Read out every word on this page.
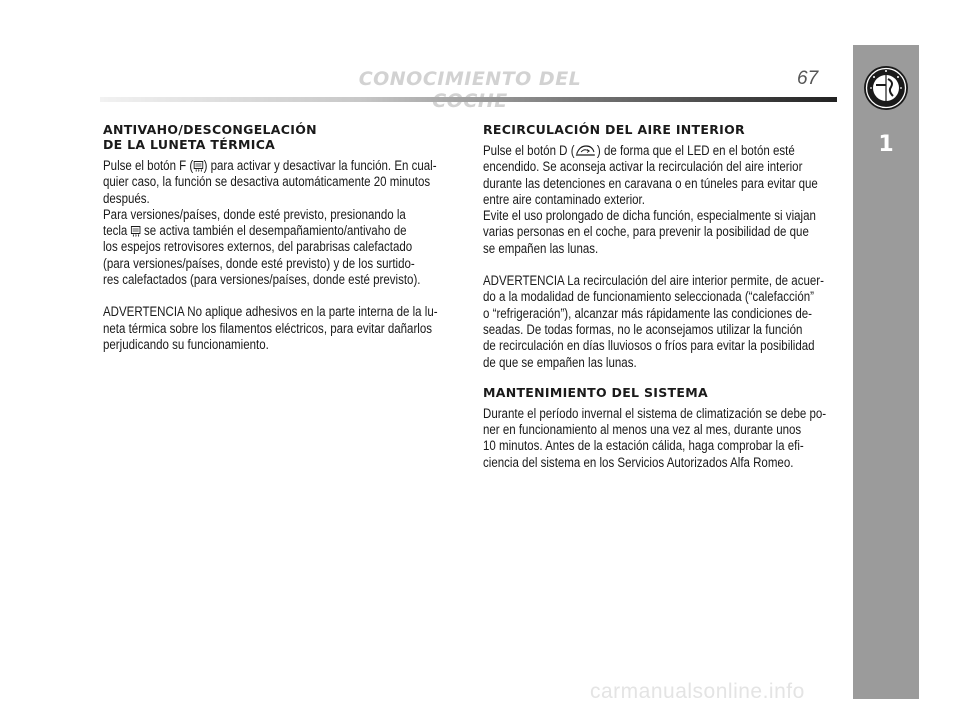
CONOCIMIENTO DEL	67
1
ANTIVAHO/DESCONGELACIÓN
DE LA LUNETA TÉRMICA
Pulse el botón F ( ) para activar y desactivar la función. En cual-
quier caso, la función se desactiva automáticamente 20 minutos
después.
Para versiones/países, donde esté previsto, presionando la
tecla  se activa también el desempañamiento/antivaho de
los espejos retrovisores externos, del parabrisas calefactado
(para versiones/países, donde esté previsto) y de los surtido-
res calefactados (para versiones/países, donde esté previsto).
ADVERTENCIA No aplique adhesivos en la parte interna de la lu-
neta térmica sobre los filamentos eléctricos, para evitar dañarlos
perjudicando su funcionamiento.
RECIRCULACIÓN DEL AIRE INTERIOR
Pulse el botón D ( ) de forma que el LED en el botón esté
encendido. Se aconseja activar la recirculación del aire interior
durante las detenciones en caravana o en túneles para evitar que
entre aire contaminado exterior.
Evite el uso prolongado de dicha función, especialmente si viajan
varias personas en el coche, para prevenir la posibilidad de que
se empañen las lunas.
ADVERTENCIA La recirculación del aire interior permite, de acuer-
do a la modalidad de funcionamiento seleccionada (“calefacción”
o “refrigeración”), alcanzar más rápidamente las condiciones de-
seadas. De todas formas, no le aconsejamos utilizar la función
de recirculación en días lluviosos o fríos para evitar la posibilidad
de que se empañen las lunas.
MANTENIMIENTO DEL SISTEMA
Durante el período invernal el sistema de climatización se debe po-
ner en funcionamiento al menos una vez al mes, durante unos
10 minutos. Antes de la estación cálida, haga comprobar la efi-
ciencia del sistema en los Servicios Autorizados Alfa Romeo.
carmanualsonline.info
